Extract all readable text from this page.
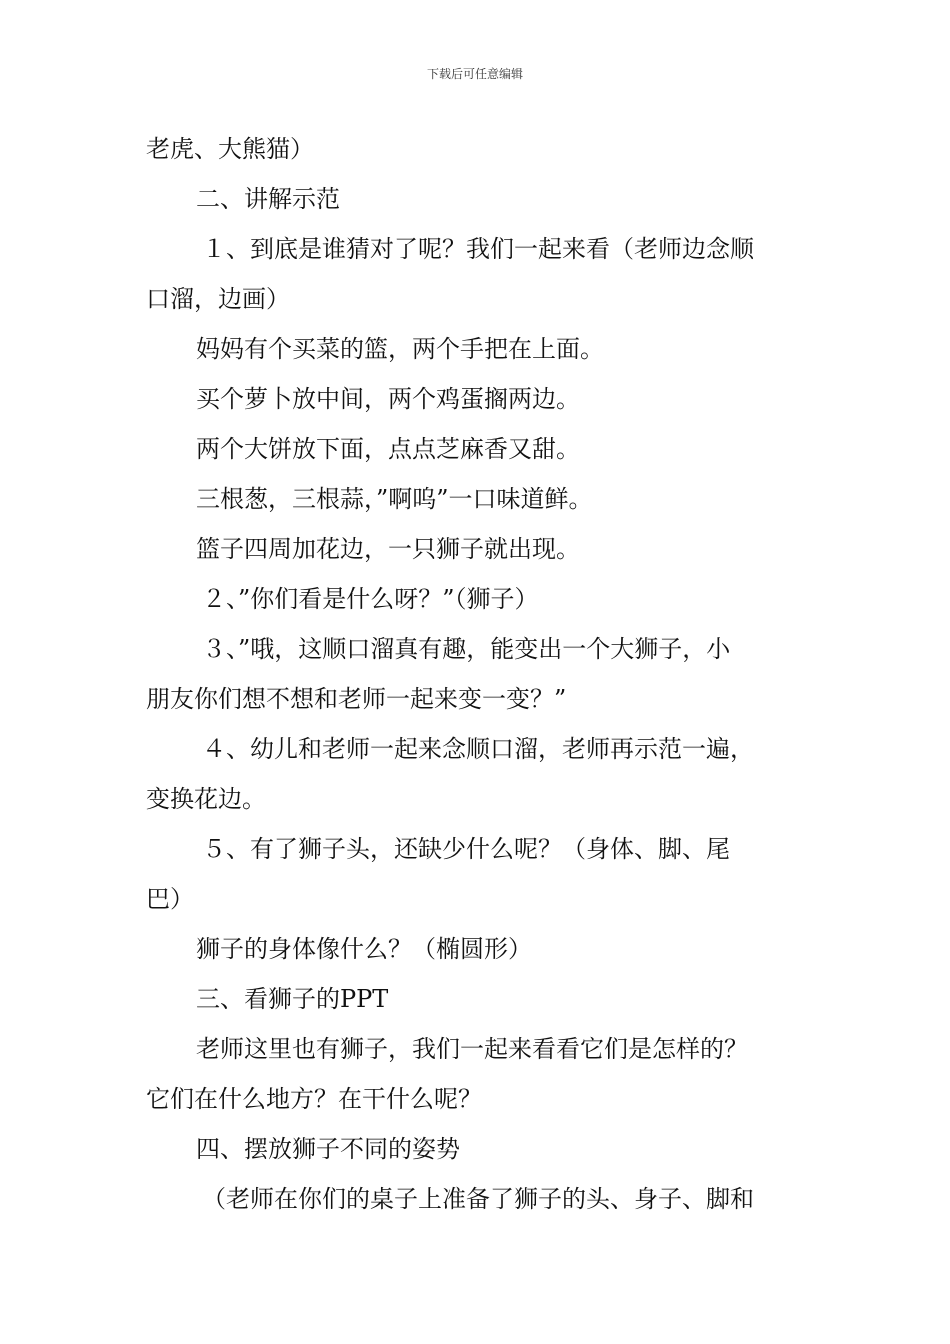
下载后可任意编辑
老虎、大熊猫）
二、讲解示范
１、到底是谁猜对了呢？我们一起来看（老师边念顺
口溜，边画）
妈妈有个买菜的篮，两个手把在上面。
买个萝卜放中间，两个鸡蛋搁两边。
两个大饼放下面，点点芝麻香又甜。
三根葱，三根蒜，”啊呜”一口味道鲜。
篮子四周加花边，一只狮子就出现。
２、”你们看是什么呀？”（狮子）
３、”哦，这顺口溜真有趣，能变出一个大狮子，小
朋友你们想不想和老师一起来变一变？”
４、幼儿和老师一起来念顺口溜，老师再示范一遍，
变换花边。
５、有了狮子头，还缺少什么呢？（身体、脚、尾
巴）
狮子的身体像什么？（椭圆形）
三、看狮子的PPT
老师这里也有狮子，我们一起来看看它们是怎样的？
它们在什么地方？在干什么呢？
四、摆放狮子不同的姿势
（老师在你们的桌子上准备了狮子的头、身子、脚和
